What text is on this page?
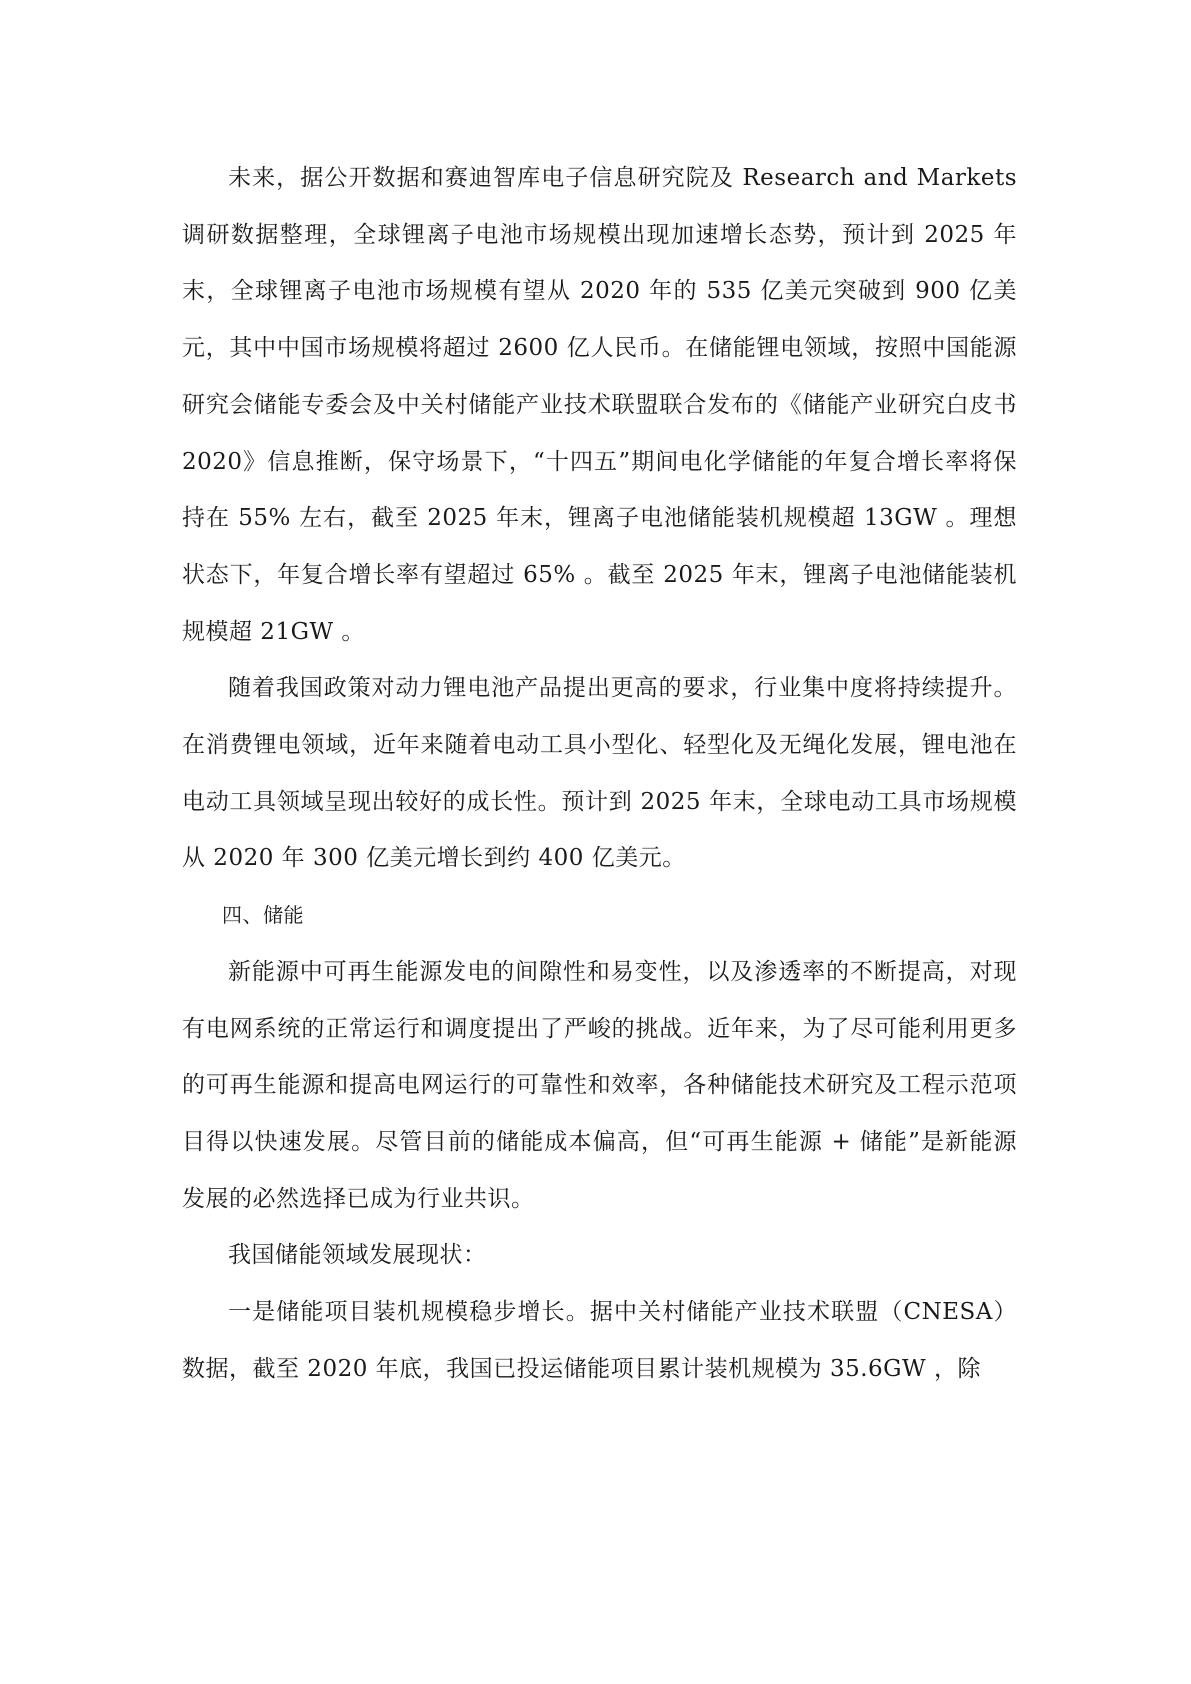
未来，据公开数据和赛迪智库电子信息研究院及 Research and Markets 调研数据整理，全球锂离子电池市场规模出现加速增长态势，预计到 2025 年末，全球锂离子电池市场规模有望从 2020 年的 535 亿美元突破到 900 亿美元，其中中国市场规模将超过 2600 亿人民币。在储能锂电领域，按照中国能源研究会储能专委会及中关村储能产业技术联盟联合发布的《储能产业研究白皮书 2020》信息推断，保守场景下，“十四五”期间电化学储能的年复合增长率将保持在 55% 左右，截至 2025 年末，锂离子电池储能装机规模超 13GW 。理想状态下，年复合增长率有望超过 65% 。截至 2025 年末，锂离子电池储能装机规模超 21GW 。

随着我国政策对动力锂电池产品提出更高的要求，行业集中度将持续提升。在消费锂电领域，近年来随着电动工具小型化、轻型化及无绳化发展，锂电池在电动工具领域呈现出较好的成长性。预计到 2025 年末，全球电动工具市场规模从 2020 年 300 亿美元增长到约 400 亿美元。

四、储能

新能源中可再生能源发电的间隙性和易变性，以及渗透率的不断提高，对现有电网系统的正常运行和调度提出了严峻的挑战。近年来，为了尽可能利用更多的可再生能源和提高电网运行的可靠性和效率，各种储能技术研究及工程示范项目得以快速发展。尽管目前的储能成本偏高，但“可再生能源 + 储能”是新能源发展的必然选择已成为行业共识。

我国储能领域发展现状：

一是储能项目装机规模稳步增长。据中关村储能产业技术联盟（CNESA）数据，截至 2020 年底，我国已投运储能项目累计装机规模为 35.6GW ，除
